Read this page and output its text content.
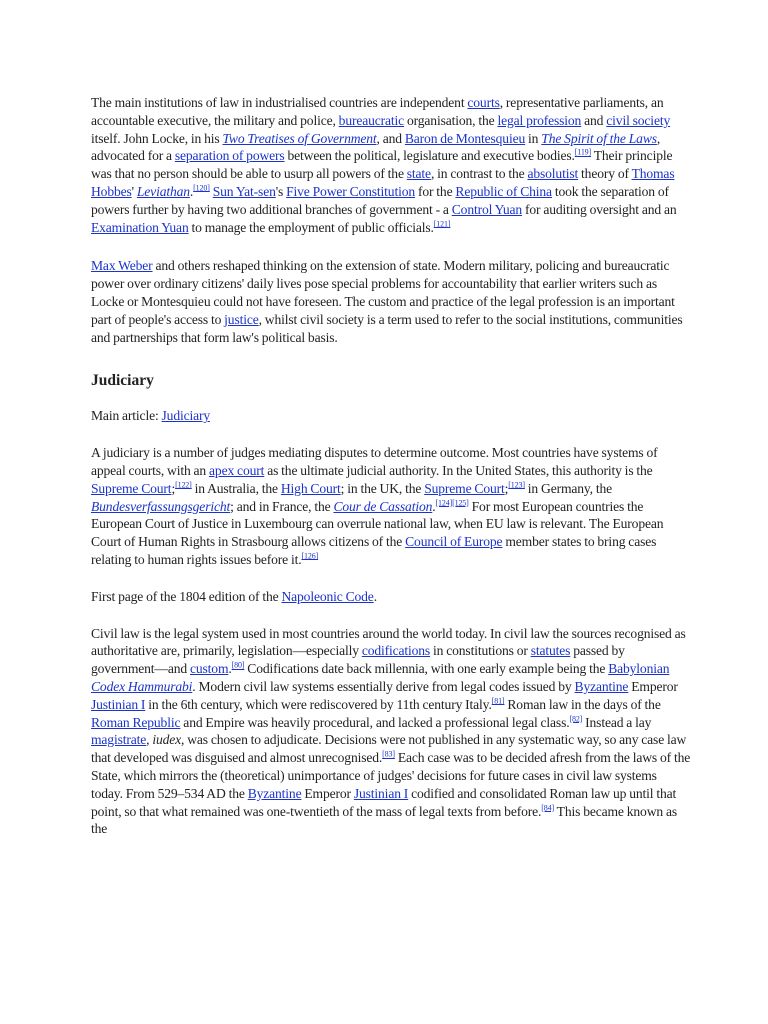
The main institutions of law in industrialised countries are independent courts, representative parliaments, an accountable executive, the military and police, bureaucratic organisation, the legal profession and civil society itself. John Locke, in his Two Treatises of Government, and Baron de Montesquieu in The Spirit of the Laws, advocated for a separation of powers between the political, legislature and executive bodies.[119] Their principle was that no person should be able to usurp all powers of the state, in contrast to the absolutist theory of Thomas Hobbes' Leviathan.[120] Sun Yat-sen's Five Power Constitution for the Republic of China took the separation of powers further by having two additional branches of government - a Control Yuan for auditing oversight and an Examination Yuan to manage the employment of public officials.[121]

Max Weber and others reshaped thinking on the extension of state. Modern military, policing and bureaucratic power over ordinary citizens' daily lives pose special problems for accountability that earlier writers such as Locke or Montesquieu could not have foreseen. The custom and practice of the legal profession is an important part of people's access to justice, whilst civil society is a term used to refer to the social institutions, communities and partnerships that form law's political basis.

Judiciary

Main article: Judiciary

A judiciary is a number of judges mediating disputes to determine outcome. Most countries have systems of appeal courts, with an apex court as the ultimate judicial authority. In the United States, this authority is the Supreme Court;[122] in Australia, the High Court; in the UK, the Supreme Court;[123] in Germany, the Bundesverfassungsgericht; and in France, the Cour de Cassation.[124][125] For most European countries the European Court of Justice in Luxembourg can overrule national law, when EU law is relevant. The European Court of Human Rights in Strasbourg allows citizens of the Council of Europe member states to bring cases relating to human rights issues before it.[126]

First page of the 1804 edition of the Napoleonic Code.

Civil law is the legal system used in most countries around the world today. In civil law the sources recognised as authoritative are, primarily, legislation—especially codifications in constitutions or statutes passed by government—and custom.[80] Codifications date back millennia, with one early example being the Babylonian Codex Hammurabi. Modern civil law systems essentially derive from legal codes issued by Byzantine Emperor Justinian I in the 6th century, which were rediscovered by 11th century Italy.[81] Roman law in the days of the Roman Republic and Empire was heavily procedural, and lacked a professional legal class.[82] Instead a lay magistrate, iudex, was chosen to adjudicate. Decisions were not published in any systematic way, so any case law that developed was disguised and almost unrecognised.[83] Each case was to be decided afresh from the laws of the State, which mirrors the (theoretical) unimportance of judges' decisions for future cases in civil law systems today. From 529–534 AD the Byzantine Emperor Justinian I codified and consolidated Roman law up until that point, so that what remained was one-twentieth of the mass of legal texts from before.[84] This became known as the
